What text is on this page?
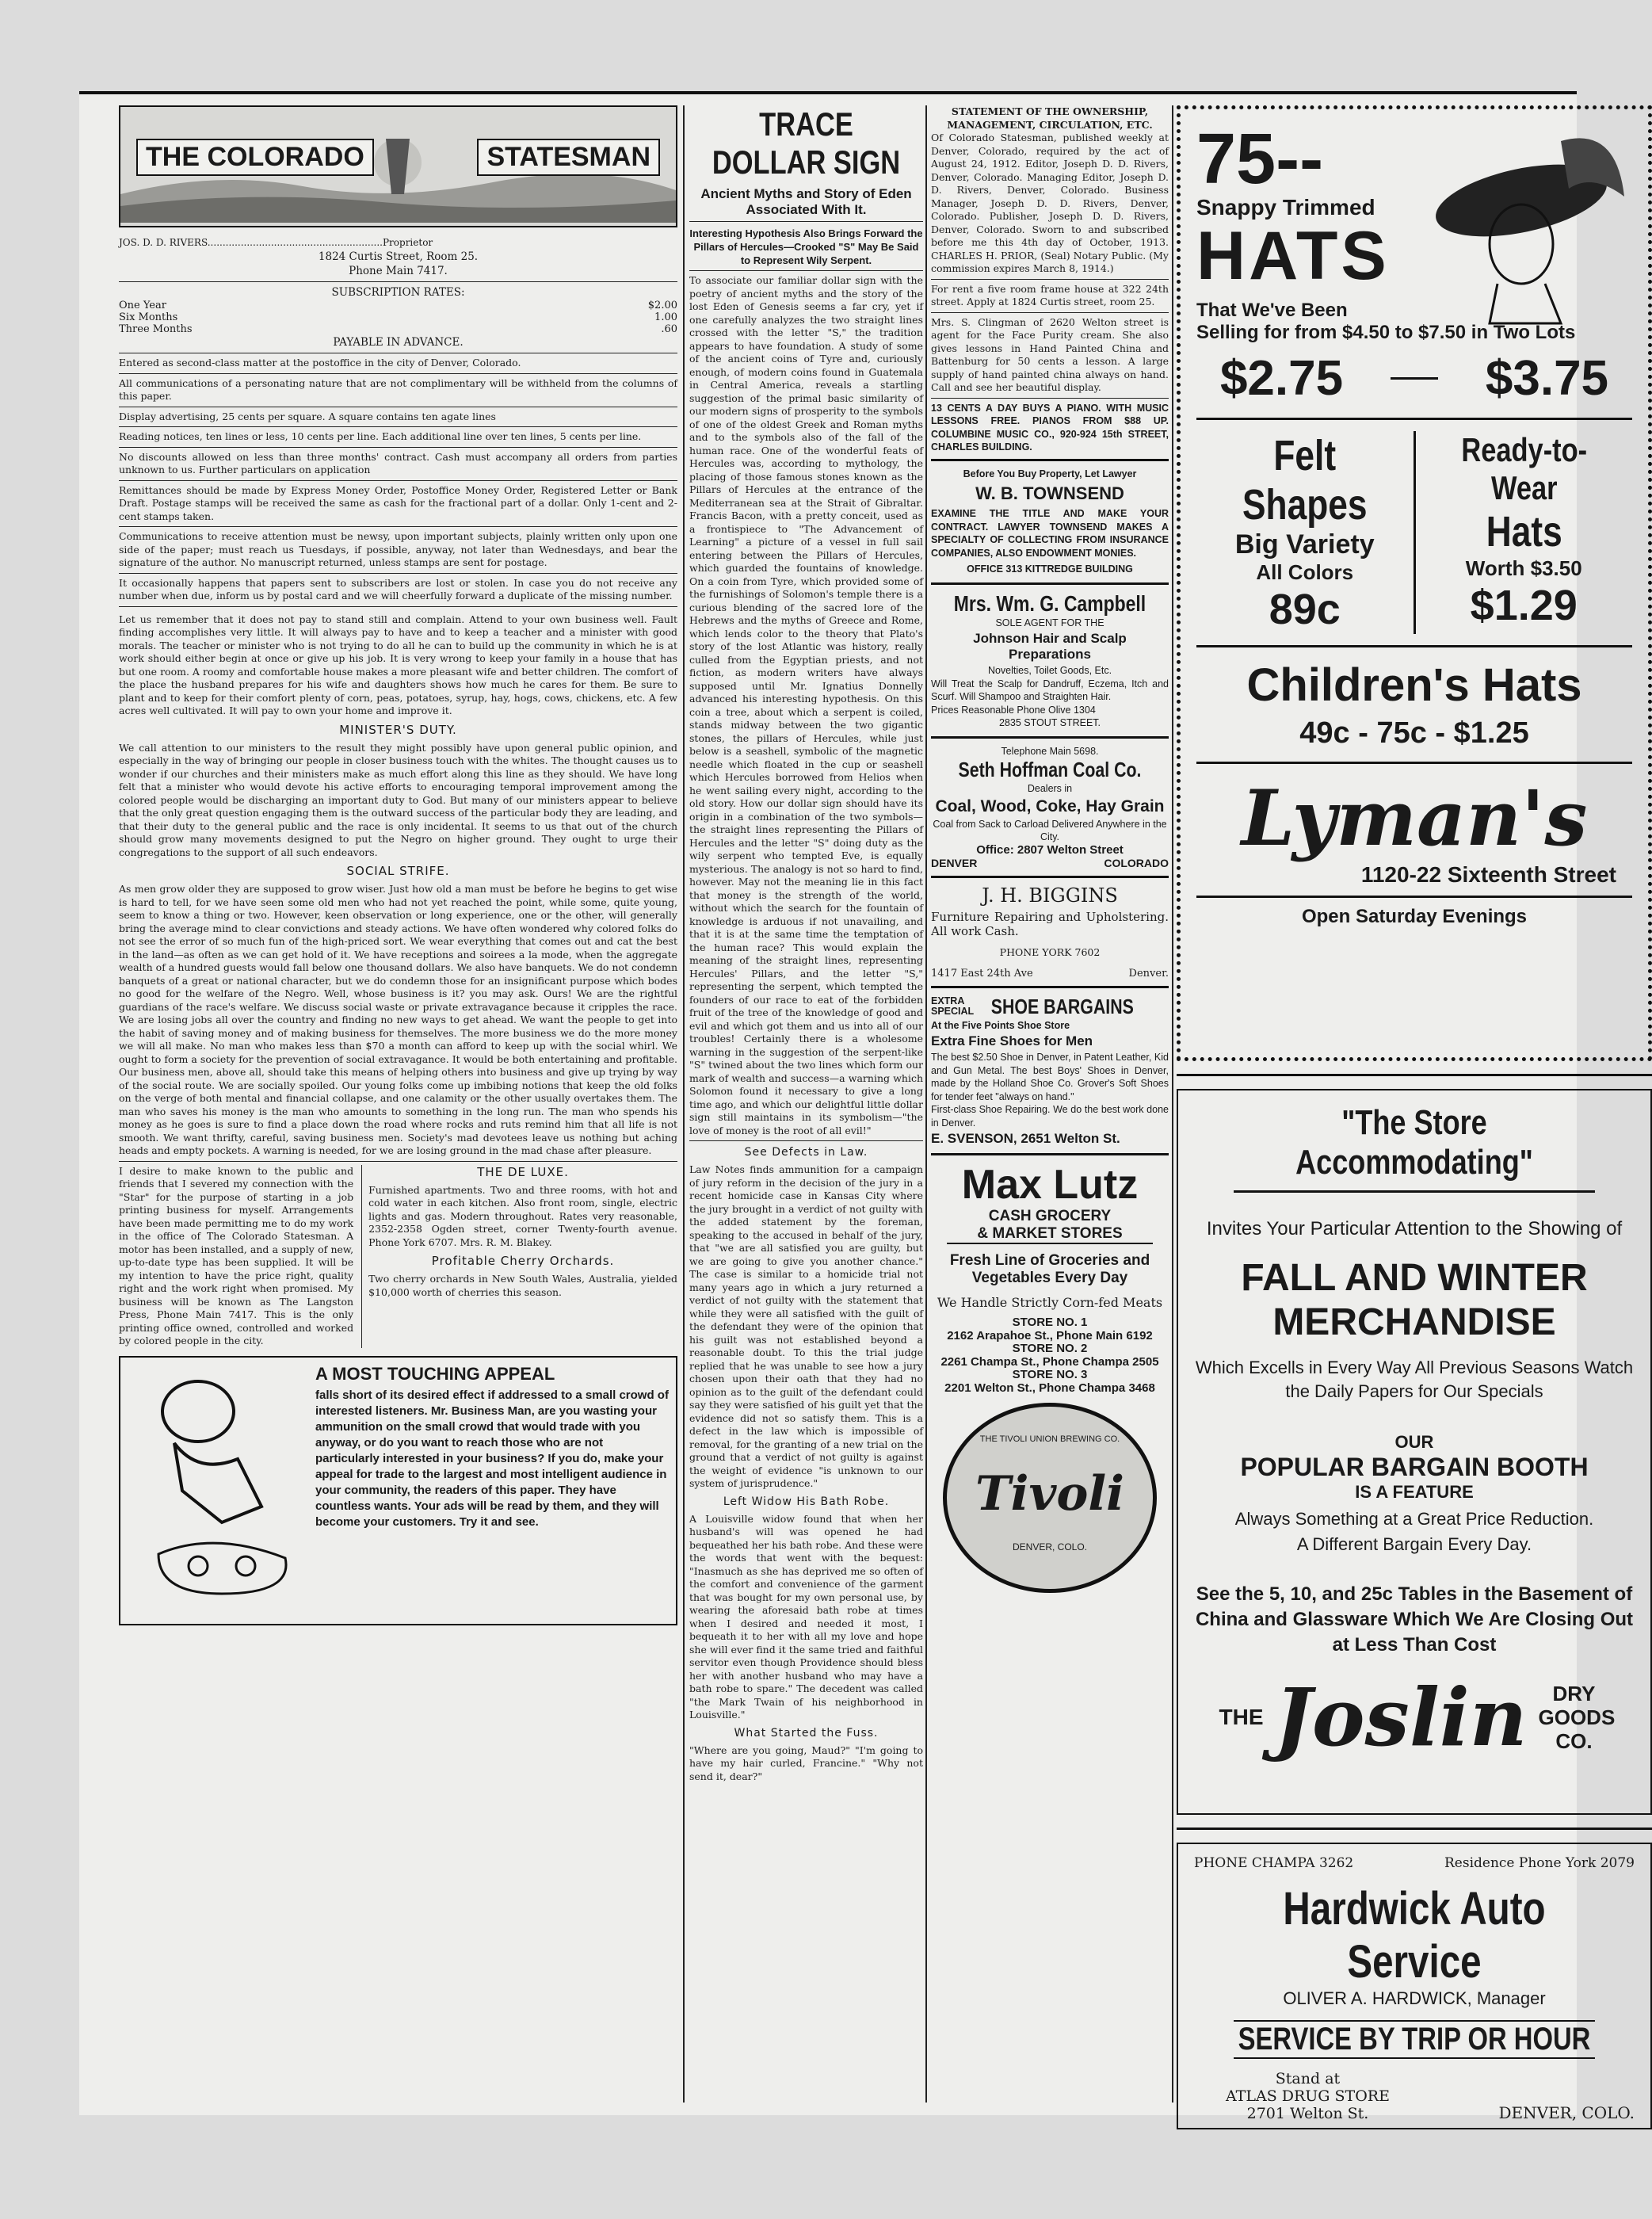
THE COLORADO	STATESMAN

JOS. D. D. RIVERS..........................................................Proprietor

1824 Curtis Street, Room 25.

Phone Main 7417.

SUBSCRIPTION RATES:

One Year	$2.00
Six Months	1.00
Three Months	.60

PAYABLE IN ADVANCE.

Entered as second-class matter at the postoffice in the city of Denver, Colorado.

All communications of a personating nature that are not complimentary will be withheld from the columns of this paper.

Display advertising, 25 cents per square. A square contains ten agate lines

Reading notices, ten lines or less, 10 cents per line. Each additional line over ten lines, 5 cents per line.

No discounts allowed on less than three months' contract. Cash must accompany all orders from parties unknown to us. Further particulars on application

Remittances should be made by Express Money Order, Postoffice Money Order, Registered Letter or Bank Draft. Postage stamps will be received the same as cash for the fractional part of a dollar. Only 1-cent and 2-cent stamps taken.

Communications to receive attention must be newsy, upon important subjects, plainly written only upon one side of the paper; must reach us Tuesdays, if possible, anyway, not later than Wednesdays, and bear the signature of the author. No manuscript returned, unless stamps are sent for postage.

It occasionally happens that papers sent to subscribers are lost or stolen. In case you do not receive any number when due, inform us by postal card and we will cheerfully forward a duplicate of the missing number.

Let us remember that it does not pay to stand still and complain. Attend to your own business well. Fault finding accomplishes very little. It will always pay to have and to keep a teacher and a minister with good morals. The teacher or minister who is not trying to do all he can to build up the community in which he is at work should either begin at once or give up his job. It is very wrong to keep your family in a house that has but one room. A roomy and comfortable house makes a more pleasant wife and better children. The comfort of the place the husband prepares for his wife and daughters shows how much he cares for them. Be sure to plant and to keep for their comfort plenty of corn, peas, potatoes, syrup, hay, hogs, cows, chickens, etc. A few acres well cultivated. It will pay to own your home and improve it.

MINISTER'S DUTY.

We call attention to our ministers to the result they might possibly have upon general public opinion, and especially in the way of bringing our people in closer business touch with the whites. The thought causes us to wonder if our churches and their ministers make as much effort along this line as they should. We have long felt that a minister who would devote his active efforts to encouraging temporal improvement among the colored people would be discharging an important duty to God. But many of our ministers appear to believe that the only great question engaging them is the outward success of the particular body they are leading, and that their duty to the general public and the race is only incidental. It seems to us that out of the church should grow many movements designed to put the Negro on higher ground. They ought to urge their congregations to the support of all such endeavors.

SOCIAL STRIFE.

As men grow older they are supposed to grow wiser. Just how old a man must be before he begins to get wise is hard to tell, for we have seen some old men who had not yet reached the point, while some, quite young, seem to know a thing or two. However, keen observation or long experience, one or the other, will generally bring the average mind to clear convictions and steady actions. We have often wondered why colored folks do not see the error of so much fun of the high-priced sort. We wear everything that comes out and cat the best in the land—as often as we can get hold of it. We have receptions and soirees a la mode, when the aggregate wealth of a hundred guests would fall below one thousand dollars. We also have banquets. We do not condemn banquets of a great or national character, but we do condemn those for an insignificant purpose which bodes no good for the welfare of the Negro. Well, whose business is it? you may ask. Ours! We are the rightful guardians of the race's welfare. We discuss social waste or private extravagance because it cripples the race. We are losing jobs all over the country and finding no new ways to get ahead. We want the people to get into the habit of saving money and of making business for themselves. The more business we do the more money we will all make. No man who makes less than $70 a month can afford to keep up with the social whirl. We ought to form a society for the prevention of social extravagance. It would be both entertaining and profitable. Our business men, above all, should take this means of helping others into business and give up trying by way of the social route. We are socially spoiled. Our young folks come up imbibing notions that keep the old folks on the verge of both mental and financial collapse, and one calamity or the other usually overtakes them. The man who saves his money is the man who amounts to something in the long run. The man who spends his money as he goes is sure to find a place down the road where rocks and ruts remind him that all life is not smooth. We want thrifty, careful, saving business men. Society's mad devotees leave us nothing but aching heads and empty pockets. A warning is needed, for we are losing ground in the mad chase after pleasure.

I desire to make known to the public and friends that I severed my connection with the "Star" for the purpose of starting in a job printing business for myself. Arrangements have been made permitting me to do my work in the office of The Colorado Statesman. A motor has been installed, and a supply of new, up-to-date type has been supplied. It will be my intention to have the price right, quality right and the work right when promised. My business will be known as The Langston Press, Phone Main 7417. This is the only printing office owned, controlled and worked by colored people in the city.

THE DE LUXE.

Furnished apartments. Two and three rooms, with hot and cold water in each kitchen. Also front room, single, electric lights and gas. Modern throughout. Rates very reasonable, 2352-2358 Ogden street, corner Twenty-fourth avenue. Phone York 6707. Mrs. R. M. Blakey.

Profitable Cherry Orchards.

Two cherry orchards in New South Wales, Australia, yielded $10,000 worth of cherries this season.

A MOST TOUCHING APPEAL

falls short of its desired effect if addressed to a small crowd of interested listeners. Mr. Business Man, are you wasting your ammunition on the small crowd that would trade with you anyway, or do you want to reach those who are not particularly interested in your business? If you do, make your appeal for trade to the largest and most intelligent audience in your community, the readers of this paper. They have countless wants. Your ads will be read by them, and they will become your customers. Try it and see.

TRACE DOLLAR SIGN

Ancient Myths and Story of Eden Associated With It.

Interesting Hypothesis Also Brings Forward the Pillars of Hercules—Crooked "S" May Be Said to Represent Wily Serpent.

To associate our familiar dollar sign with the poetry of ancient myths and the story of the lost Eden of Genesis seems a far cry, yet if one carefully analyzes the two straight lines crossed with the letter "S," the tradition appears to have foundation. A study of some of the ancient coins of Tyre and, curiously enough, of modern coins found in Guatemala in Central America, reveals a startling suggestion of the primal basic similarity of our modern signs of prosperity to the symbols of one of the oldest Greek and Roman myths and to the symbols also of the fall of the human race. One of the wonderful feats of Hercules was, according to mythology, the placing of those famous stones known as the Pillars of Hercules at the entrance of the Mediterranean sea at the Strait of Gibraltar. Francis Bacon, with a pretty conceit, used as a frontispiece to "The Advancement of Learning" a picture of a vessel in full sail entering between the Pillars of Hercules, which guarded the fountains of knowledge. On a coin from Tyre, which provided some of the furnishings of Solomon's temple there is a curious blending of the sacred lore of the Hebrews and the myths of Greece and Rome, which lends color to the theory that Plato's story of the lost Atlantic was history, really culled from the Egyptian priests, and not fiction, as modern writers have always supposed until Mr. Ignatius Donnelly advanced his interesting hypothesis. On this coin a tree, about which a serpent is coiled, stands midway between the two gigantic stones, the pillars of Hercules, while just below is a seashell, symbolic of the magnetic needle which floated in the cup or seashell which Hercules borrowed from Helios when he went sailing every night, according to the old story. How our dollar sign should have its origin in a combination of the two symbols—the straight lines representing the Pillars of Hercules and the letter "S" doing duty as the wily serpent who tempted Eve, is equally mysterious. The analogy is not so hard to find, however. May not the meaning lie in this fact that money is the strength of the world, without which the search for the fountain of knowledge is arduous if not unavailing, and that it is at the same time the temptation of the human race? This would explain the meaning of the straight lines, representing Hercules' Pillars, and the letter "S," representing the serpent, which tempted the founders of our race to eat of the forbidden fruit of the tree of the knowledge of good and evil and which got them and us into all of our troubles! Certainly there is a wholesome warning in the suggestion of the serpent-like "S" twined about the two lines which form our mark of wealth and success—a warning which Solomon found it necessary to give a long time ago, and which our delightful little dollar sign still maintains in its symbolism—"the love of money is the root of all evil!"

See Defects in Law.

Law Notes finds ammunition for a campaign of jury reform in the decision of the jury in a recent homicide case in Kansas City where the jury brought in a verdict of not guilty with the added statement by the foreman, speaking to the accused in behalf of the jury, that "we are all satisfied you are guilty, but we are going to give you another chance." The case is similar to a homicide trial not many years ago in which a jury returned a verdict of not guilty with the statement that while they were all satisfied with the guilt of the defendant they were of the opinion that his guilt was not established beyond a reasonable doubt. To this the trial judge replied that he was unable to see how a jury chosen upon their oath that they had no opinion as to the guilt of the defendant could say they were satisfied of his guilt yet that the evidence did not so satisfy them. This is a defect in the law which is impossible of removal, for the granting of a new trial on the ground that a verdict of not guilty is against the weight of evidence "is unknown to our system of jurisprudence."

Left Widow His Bath Robe.

A Louisville widow found that when her husband's will was opened he had bequeathed her his bath robe. And these were the words that went with the bequest: "Inasmuch as she has deprived me so often of the comfort and convenience of the garment that was bought for my own personal use, by wearing the aforesaid bath robe at times when I desired and needed it most, I bequeath it to her with all my love and hope she will ever find it the same tried and faithful servitor even though Providence should bless her with another husband who may have a bath robe to spare." The decedent was called "the Mark Twain of his neighborhood in Louisville."

What Started the Fuss.

"Where are you going, Maud?" "I'm going to have my hair curled, Francine." "Why not send it, dear?"

STATEMENT OF THE OWNERSHIP, MANAGEMENT, CIRCULATION, ETC.

Of Colorado Statesman, published weekly at Denver, Colorado, required by the act of August 24, 1912. Editor, Joseph D. D. Rivers, Denver, Colorado. Managing Editor, Joseph D. D. Rivers, Denver, Colorado. Business Manager, Joseph D. D. Rivers, Denver, Colorado. Publisher, Joseph D. D. Rivers, Denver, Colorado. Sworn to and subscribed before me this 4th day of October, 1913. CHARLES H. PRIOR, (Seal) Notary Public. (My commission expires March 8, 1914.)

For rent a five room frame house at 322 24th street. Apply at 1824 Curtis street, room 25.

Mrs. S. Clingman of 2620 Welton street is agent for the Face Purity cream. She also gives lessons in Hand Painted China and Battenburg for 50 cents a lesson. A large supply of hand painted china always on hand. Call and see her beautiful display.

13 CENTS A DAY BUYS A PIANO. WITH MUSIC LESSONS FREE. PIANOS FROM $88 UP. COLUMBINE MUSIC CO., 920-924 15th STREET, CHARLES BUILDING.

Before You Buy Property, Let Lawyer

W. B. TOWNSEND

EXAMINE THE TITLE AND MAKE YOUR CONTRACT. LAWYER TOWNSEND MAKES A SPECIALTY OF COLLECTING FROM INSURANCE COMPANIES, ALSO ENDOWMENT MONIES.

OFFICE 313 KITTREDGE BUILDING

Mrs. Wm. G. Campbell

SOLE AGENT FOR THE

Johnson Hair and Scalp Preparations

Novelties, Toilet Goods, Etc.

Will Treat the Scalp for Dandruff, Eczema, Itch and Scurf. Will Shampoo and Straighten Hair.

Prices Reasonable Phone Olive 1304

2835 STOUT STREET.

Telephone Main 5698.

Seth Hoffman Coal Co.

Dealers in

Coal, Wood, Coke, Hay Grain

Coal from Sack to Carload Delivered Anywhere in the City.

Office: 2807 Welton Street

DENVER	COLORADO

J. H. BIGGINS

Furniture Repairing and Upholstering. All work Cash.

PHONE YORK 7602

1417 East 24th Ave	Denver.
EXTRA SPECIAL SHOE BARGAINS

At the Five Points Shoe Store

Extra Fine Shoes for Men

The best $2.50 Shoe in Denver, in Patent Leather, Kid and Gun Metal. The best Boys' Shoes in Denver, made by the Holland Shoe Co. Grover's Soft Shoes for tender feet "always on hand."

First-class Shoe Repairing. We do the best work done in Denver.

E. SVENSON, 2651 Welton St.

Max Lutz

CASH GROCERY

& MARKET STORES

Fresh Line of Groceries and Vegetables Every Day

We Handle Strictly Corn-fed Meats

STORE NO. 1

2162 Arapahoe St., Phone Main 6192

STORE NO. 2

2261 Champa St., Phone Champa 2505

STORE NO. 3

2201 Welton St., Phone Champa 3468

THE TIVOLI UNION BREWING CO.
Tivoli
DENVER, COLO.
75--
Snappy Trimmed
HATS
That We've Been
Selling for from $4.50 to $7.50 in Two Lots
$2.75	$3.75
Felt Shapes
Big Variety
All Colors
89c
Ready-to-Wear
Hats
Worth $3.50
$1.29
Children's Hats
49c - 75c - $1.25
Lyman's
1120-22 Sixteenth Street
Open Saturday Evenings
"The Store Accommodating"
Invites Your Particular Attention to the Showing of
FALL AND WINTER MERCHANDISE
Which Excells in Every Way All Previous Seasons Watch the Daily Papers for Our Specials
OUR
POPULAR BARGAIN BOOTH
IS A FEATURE
Always Something at a Great Price Reduction.
A Different Bargain Every Day.
See the 5, 10, and 25c Tables in the Basement of China and Glassware Which We Are Closing Out at Less Than Cost
THE Joslin	DRY GOODS CO.
PHONE CHAMPA 3262	Residence Phone York 2079
Hardwick Auto Service
OLIVER A. HARDWICK, Manager
SERVICE BY TRIP OR HOUR
Stand at
ATLAS DRUG STORE
2701 Welton St.	DENVER, COLO.
